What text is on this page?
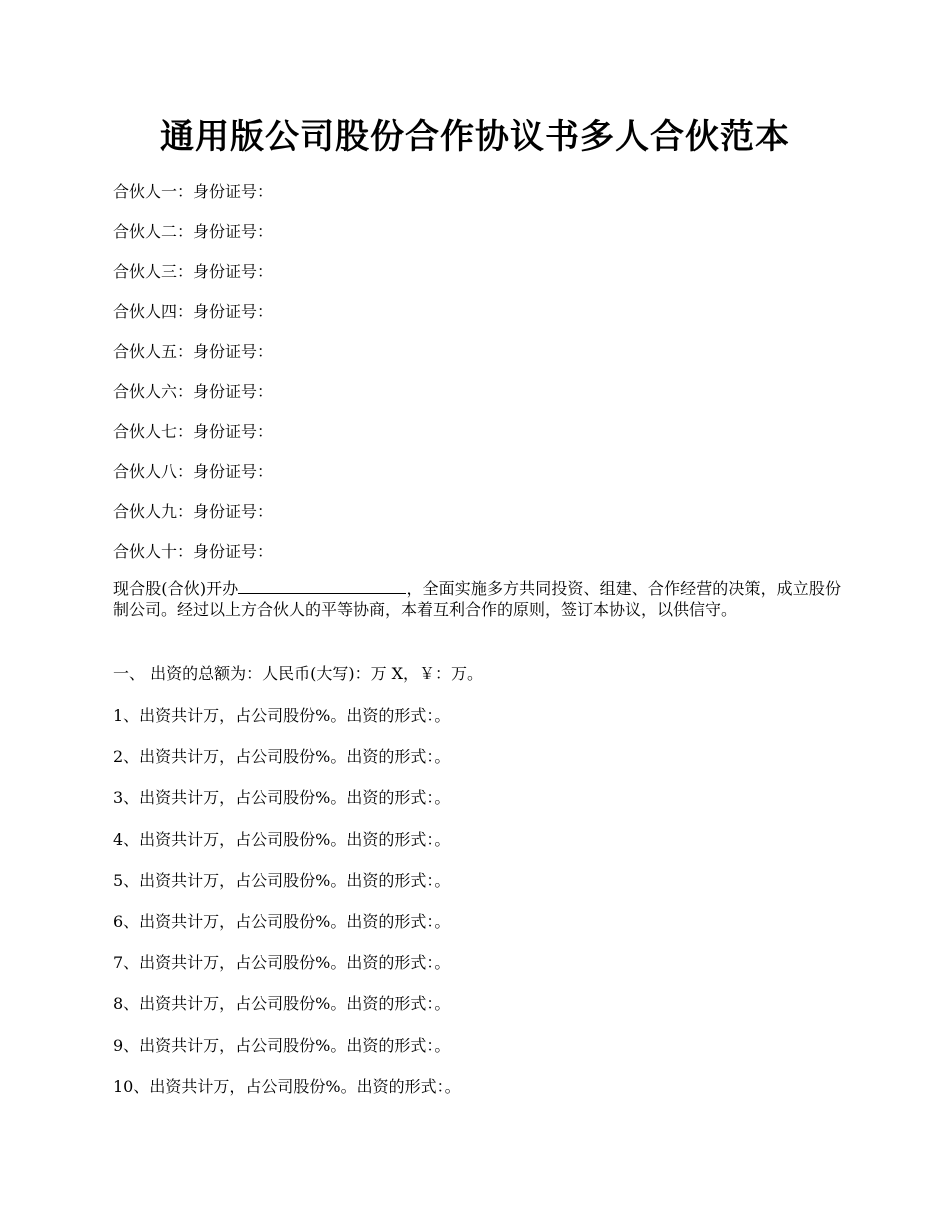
通用版公司股份合作协议书多人合伙范本
合伙人一：身份证号：
合伙人二：身份证号：
合伙人三：身份证号：
合伙人四：身份证号：
合伙人五：身份证号：
合伙人六：身份证号：
合伙人七：身份证号：
合伙人八：身份证号：
合伙人九：身份证号：
合伙人十：身份证号：
现合股(合伙)开办	，全面实施多方共同投资、组建、合作经营的决策，成立股份制公司。经过以上方合伙人的平等协商，本着互利合作的原则，签订本协议，以供信守。
一、 出资的总额为：人民币(大写)：万 X，￥：万。
1、出资共计万，占公司股份%。出资的形式：。
2、出资共计万，占公司股份%。出资的形式：。
3、出资共计万，占公司股份%。出资的形式：。
4、出资共计万，占公司股份%。出资的形式：。
5、出资共计万，占公司股份%。出资的形式：。
6、出资共计万，占公司股份%。出资的形式：。
7、出资共计万，占公司股份%。出资的形式：。
8、出资共计万，占公司股份%。出资的形式：。
9、出资共计万，占公司股份%。出资的形式：。
10、出资共计万，占公司股份%。出资的形式：。
